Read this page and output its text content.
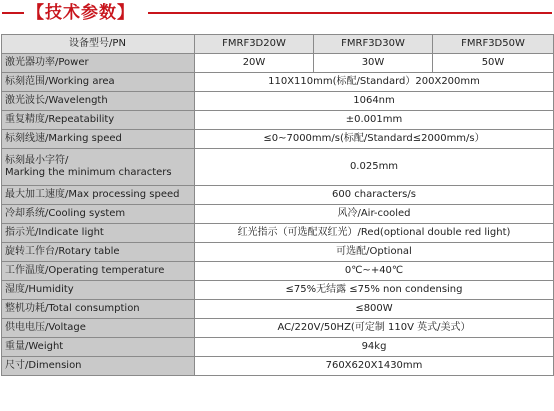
【技术参数】
设备型号/PN	FMRF3D20W	FMRF3D30W	FMRF3D50W
激光器功率/Power	20W	30W	50W
标刻范围/Working area	110X110mm(标配/Standard）200X200mm		
激光波长/Wavelength	1064nm		
重复精度/Repeatability	±0.001mm		
标刻线速/Marking speed	≤0~7000mm/s(标配/Standard≤2000mm/s）		
标刻最小字符/
Marking the minimum characters	0.025mm		
最大加工速度/Max processing speed	600 characters/s		
冷却系统/Cooling system	风冷/Air-cooled		
指示光/Indicate light	红光指示（可选配双红光）/Red(optional double red light)		
旋转工作台/Rotary table	可选配/Optional		
工作温度/Operating temperature	0℃~+40℃		
湿度/Humidity	≤75%无结露 ≤75% non condensing		
整机功耗/Total consumption	≤800W		
供电电压/Voltage	AC/220V/50HZ(可定制 110V 英式/美式）		
重量/Weight	94kg		
尺寸/Dimension	760X620X1430mm		
